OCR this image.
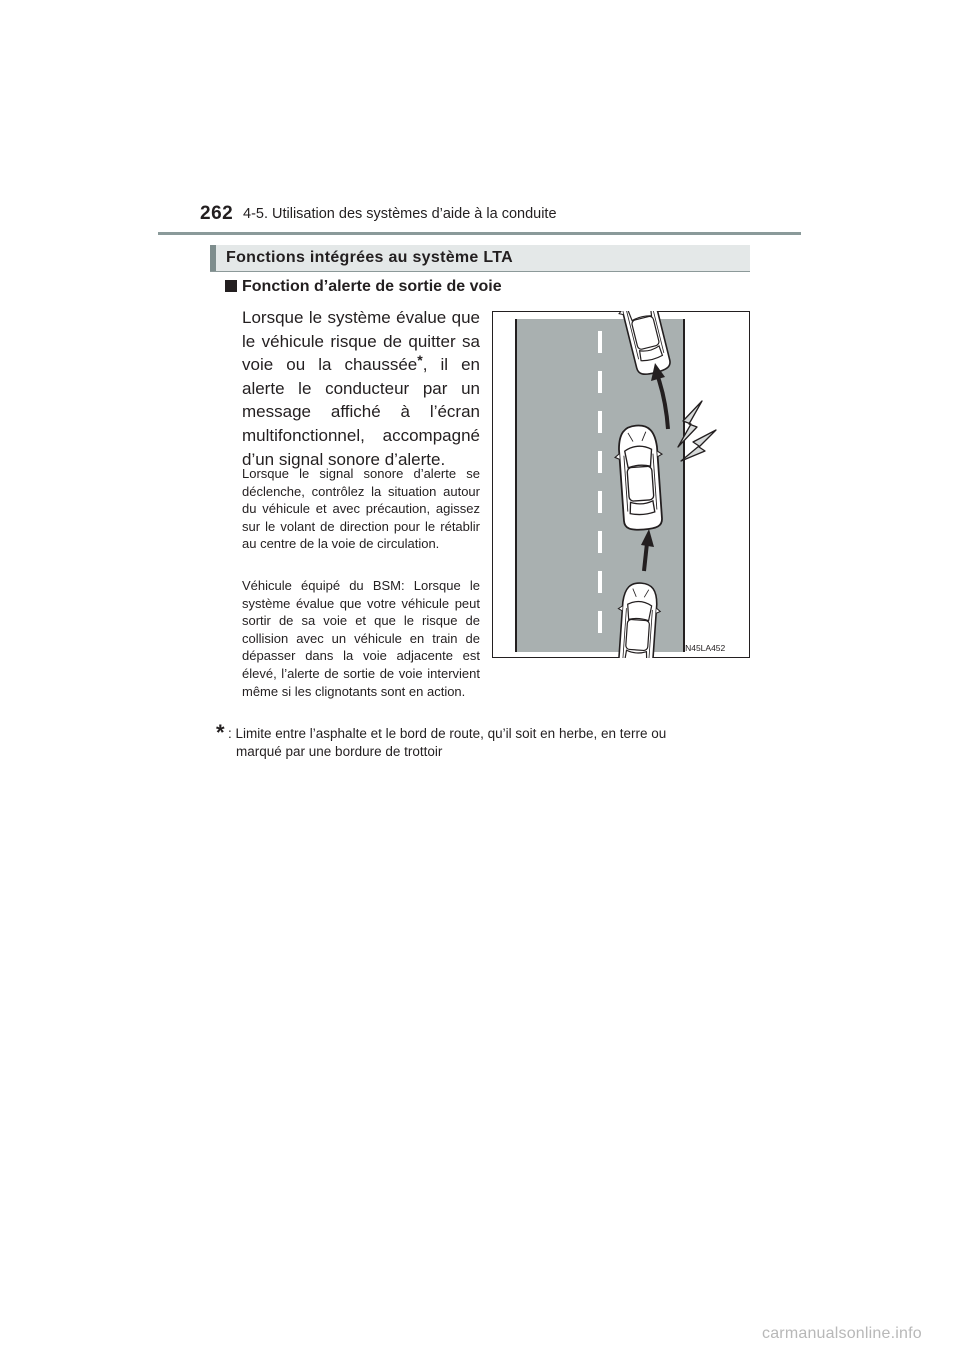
262 4-5. Utilisation des systèmes d’aide à la conduite
Fonctions intégrées au système LTA
Fonction d’alerte de sortie de voie
Lorsque le système évalue que le véhicule risque de quitter sa voie ou la chaussée*, il en alerte le conducteur par un message affiché à l’écran multifonctionnel, accompagné d’un signal sonore d’alerte.
Lorsque le signal sonore d’alerte se déclenche, contrôlez la situation autour du véhicule et avec précaution, agissez sur le volant de direction pour le rétablir au centre de la voie de circulation.
Véhicule équipé du BSM: Lorsque le système évalue que votre véhicule peut sortir de sa voie et que le risque de collision avec un véhicule en train de dépasser dans la voie adjacente est élevé, l’alerte de sortie de voie intervient même si les clignotants sont en action.
IN45LA452
* : Limite entre l’asphalte et le bord de route, qu’il soit en herbe, en terre ou
marqué par une bordure de trottoir
carmanualsonline.info
